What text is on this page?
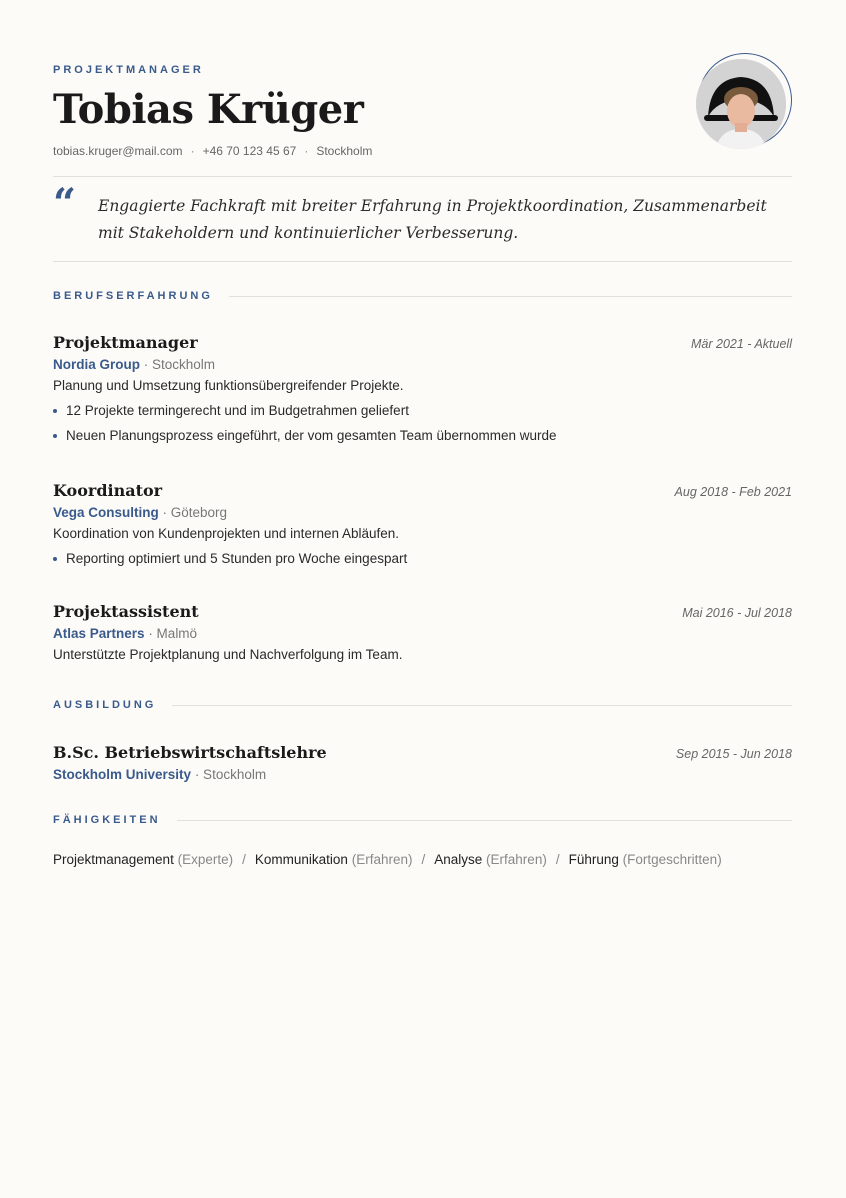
PROJEKTMANAGER
Tobias Krüger
tobias.kruger@mail.com · +46 70 123 45 67 · Stockholm
“ Engagierte Fachkraft mit breiter Erfahrung in Projektkoordination, Zusammenarbeit mit Stakeholdern und kontinuierlicher Verbesserung.
BERUFSERFAHRUNG
Projektmanager	Mär 2021 - Aktuell
Nordia Group · Stockholm
Planung und Umsetzung funktionsübergreifender Projekte.
12 Projekte termingerecht und im Budgetrahmen geliefert
Neuen Planungsprozess eingeführt, der vom gesamten Team übernommen wurde
Koordinator	Aug 2018 - Feb 2021
Vega Consulting · Göteborg
Koordination von Kundenprojekten und internen Abläufen.
Reporting optimiert und 5 Stunden pro Woche eingespart
Projektassistent	Mai 2016 - Jul 2018
Atlas Partners · Malmö
Unterstützte Projektplanung und Nachverfolgung im Team.
AUSBILDUNG
B.Sc. Betriebswirtschaftslehre	Sep 2015 - Jun 2018
Stockholm University · Stockholm
FÄHIGKEITEN
Projektmanagement (Experte) / Kommunikation (Erfahren) / Analyse (Erfahren) / Führung (Fortgeschritten)
